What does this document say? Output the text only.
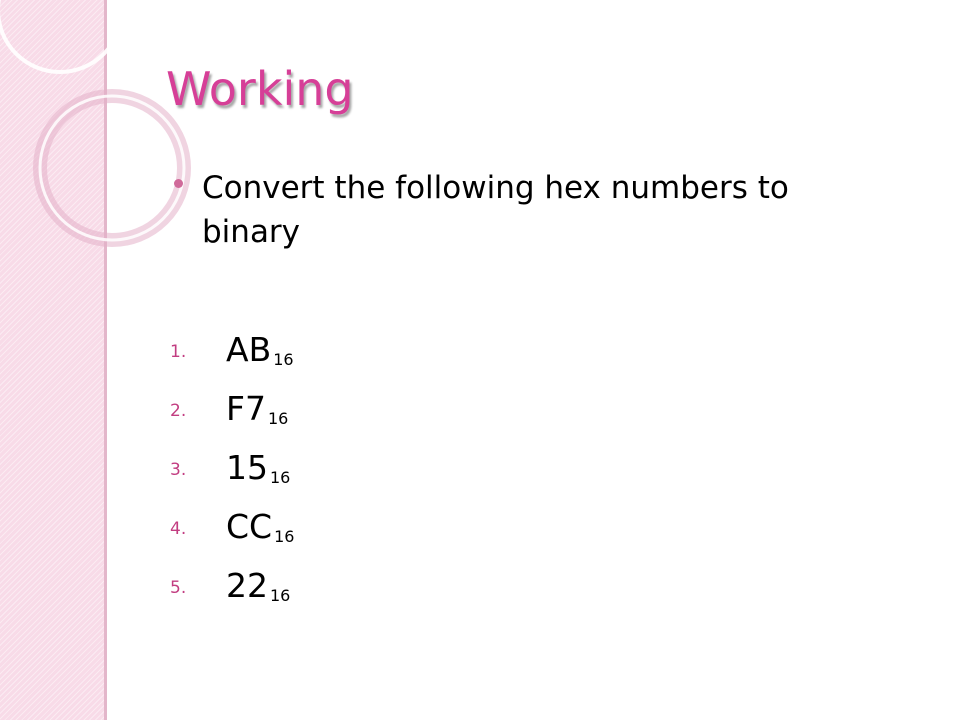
Working
Convert the following hex numbers to binary
1. AB $_{16}$
2. F7 $_{16}$
3. 15 $_{16}$
4. CC $_{16}$
5. 22 $_{16}$
